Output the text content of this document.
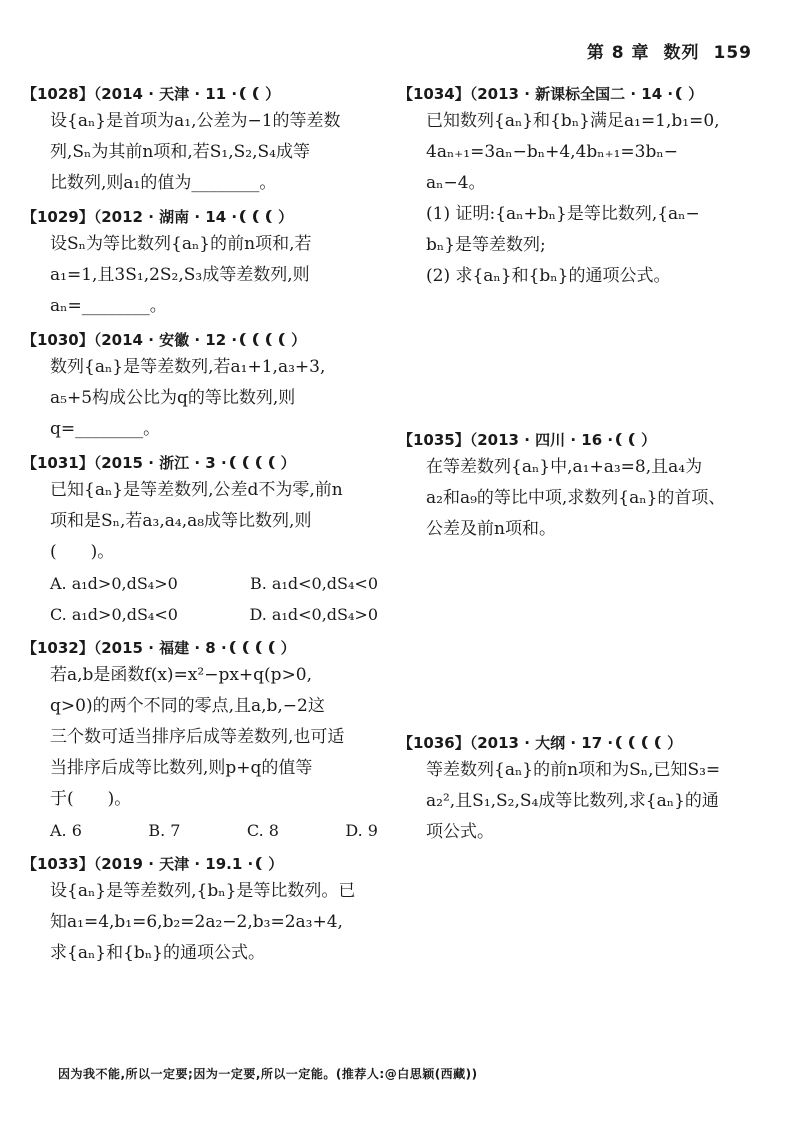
第 8 章 数列 159
【1028】（2014 · 天津 · 11 · ）

设{aₙ}是首项为a₁,公差为−1的等差数

列,Sₙ为其前n项和,若S₁,S₂,S₄成等

比数列,则a₁的值为________。

【1029】（2012 · 湖南 · 14 ·	）

设Sₙ为等比数列{aₙ}的前n项和,若

a₁=1,且3S₁,2S₂,S₃成等差数列,则

aₙ=________。

【1030】（2014 · 安徽 · 12 ·	）

数列{aₙ}是等差数列,若a₁+1,a₃+3,

a₅+5构成公比为q的等比数列,则

q=________。

【1031】（2015 · 浙江 · 3 ·	）

已知{aₙ}是等差数列,公差d不为零,前n

项和是Sₙ,若a₃,a₄,a₈成等比数列,则

(　　)。

A. a₁d>0,dS₄>0	B. a₁d<0,dS₄<0
C. a₁d>0,dS₄<0	D. a₁d<0,dS₄>0
【1032】（2015 · 福建 · 8 ·	）

若a,b是函数f(x)=x²−px+q(p>0,

q>0)的两个不同的零点,且a,b,−2这

三个数可适当排序后成等差数列,也可适

当排序后成等比数列,则p+q的值等

于(　　)。

A. 6	B. 7	C. 8	D. 9
【1033】（2019 · 天津 · 19.1 · ）

设{aₙ}是等差数列,{bₙ}是等比数列。已

知a₁=4,b₁=6,b₂=2a₂−2,b₃=2a₃+4,

求{aₙ}和{bₙ}的通项公式。

【1034】（2013 · 新课标全国二 · 14 · ）

已知数列{aₙ}和{bₙ}满足a₁=1,b₁=0,

4aₙ₊₁=3aₙ−bₙ+4,4bₙ₊₁=3bₙ−

aₙ−4。

(1) 证明:{aₙ+bₙ}是等比数列,{aₙ−

bₙ}是等差数列;

(2) 求{aₙ}和{bₙ}的通项公式。

【1035】（2013 · 四川 · 16 · ）

在等差数列{aₙ}中,a₁+a₃=8,且a₄为

a₂和a₉的等比中项,求数列{aₙ}的首项、

公差及前n项和。

【1036】（2013 · 大纲 · 17 ·	）

等差数列{aₙ}的前n项和为Sₙ,已知S₃=

a₂²,且S₁,S₂,S₄成等比数列,求{aₙ}的通

项公式。

因为我不能,所以一定要;因为一定要,所以一定能。(推荐人:@白思颖(西藏))
